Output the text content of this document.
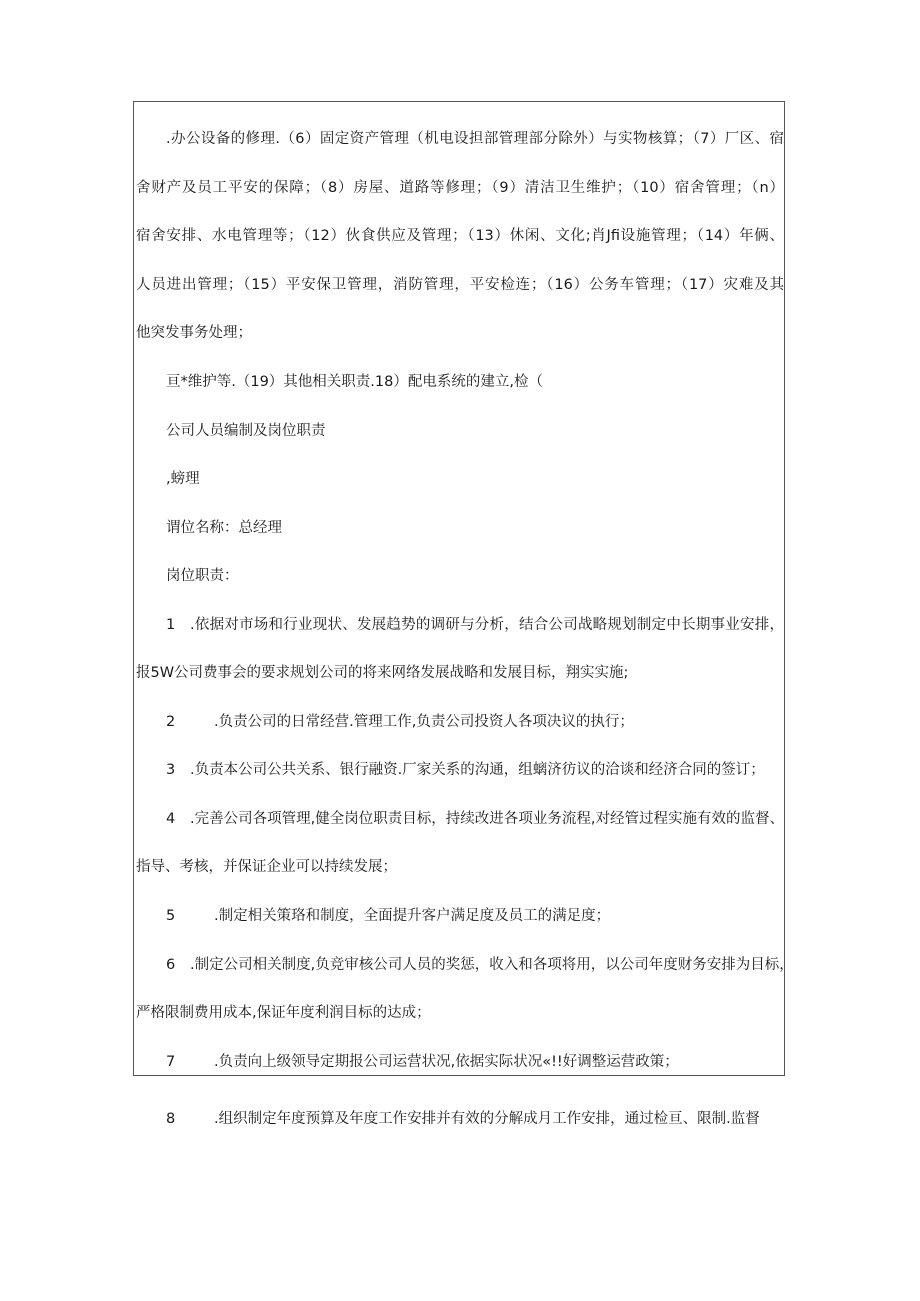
.办公设备的修理.（6）固定资产管理（机电设担部管理部分除外）与实物核算；（7）厂区、宿
舍财产及员工平安的保障；（8）房屋、道路等修理；（9）清洁卫生维护；（10）宿舍管理；（n）
宿舍安排、水电管理等；（12）伙食供应及管理；（13）休闲、文化;肖Jfi设施管理；（14）年俩、
人员进出管理；（15）平安保卫管理，消防管理，平安检连；（16）公务车管理；（17）灾难及其
他突发事务处理；
亘*维护等.（19）其他相关职责.18）配电系统的建立,检（
公司人员编制及岗位职责
,螃理
谓位名称：总经理
岗位职责：
1 .依据对市场和行业现状、发展趋势的调研与分析，结合公司战略规划制定中长期事业安排，
报5W公司费事会的要求规划公司的将来网络发展战略和发展目标，翔实实施;
2	.负责公司的日常经营.管理工作,负责公司投资人各项决议的执行；
3 .负责本公司公共关系、银行融资.厂家关系的沟通，组螭济彷议的洽谈和经济合同的签订；
4 .完善公司各项管理,健全岗位职责目标，持续改进各项业务流程,对经管过程实施有效的监督、
指导、考核，并保证企业可以持续发展；
5	.制定相关策珞和制度，全面提升客户满足度及员工的满足度；
6 .制定公司相关制度,负竞审核公司人员的奖惩，收入和各项将用，以公司年度财务安排为目标，
严格限制费用成本,保证年度利润目标的达成；
7	.负责向上级领导定期报公司运营状况,依据实际状况«!!好调整运营政策；
8	.组织制定年度预算及年度工作安排并有效的分解成月工作安排，通过检亘、限制.监督
